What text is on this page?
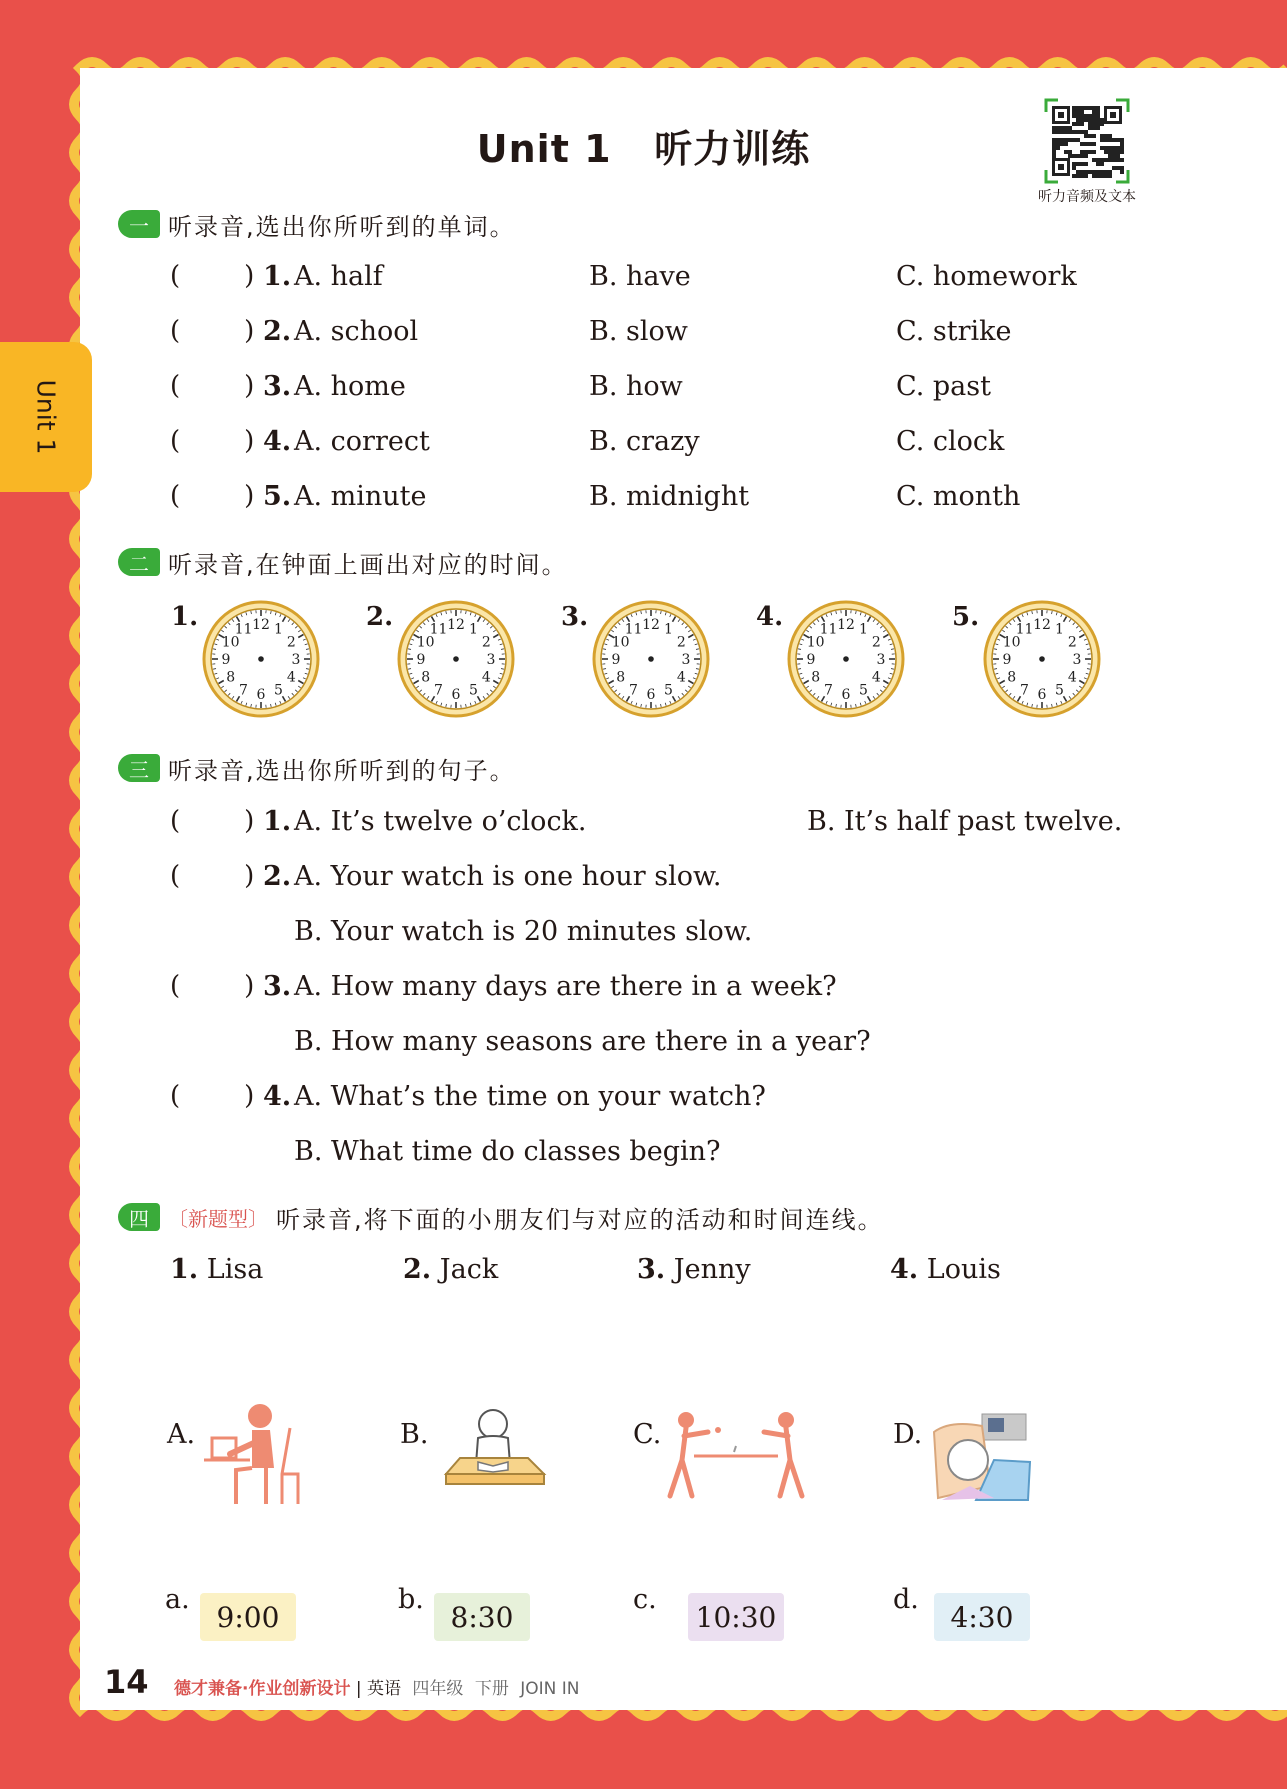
Unit 1
Unit 1   听力训练
听力音频及文本
一 听录音,选出你所听到的单词。
( ) 1. A. half	B. have	C. homework
( ) 2. A. school	B. slow	C. strike
( ) 3. A. home	B. how	C. past
( ) 4. A. correct	B. crazy	C. clock
( ) 5. A. minute	B. midnight	C. month
二 听录音,在钟面上画出对应的时间。
1.	12 1
2
3
4
5
6
7
8
9
10
11	2.	12 1
2
3
4
5
6
7
8
9
10
11	3.	12 1
2
3
4
5
6
7
8
9
10
11	4.	12 1
2
3
4
5
6
7
8
9
10
11	5.	12 1
2
3
4
5
6
7
8
9
10
11
三 听录音,选出你所听到的句子。
( ) 1. A. It’s twelve o’clock.	B. It’s half past twelve.
( ) 2. A. Your watch is one hour slow.
B. Your watch is 20 minutes slow.
( ) 3. A. How many days are there in a week?
B. How many seasons are there in a year?
( ) 4. A. What’s the time on your watch?
B. What time do classes begin?
四 〔新题型〕 听录音,将下面的小朋友们与对应的活动和时间连线。
1. Lisa	2. Jack	3. Jenny	4. Louis
A.	B.	C.	D.
a.
9:00
b.
8:30
c.
10:30
d.
4:30
14 德才兼备·作业创新设计 | 英语 四年级 下册 JOIN IN
